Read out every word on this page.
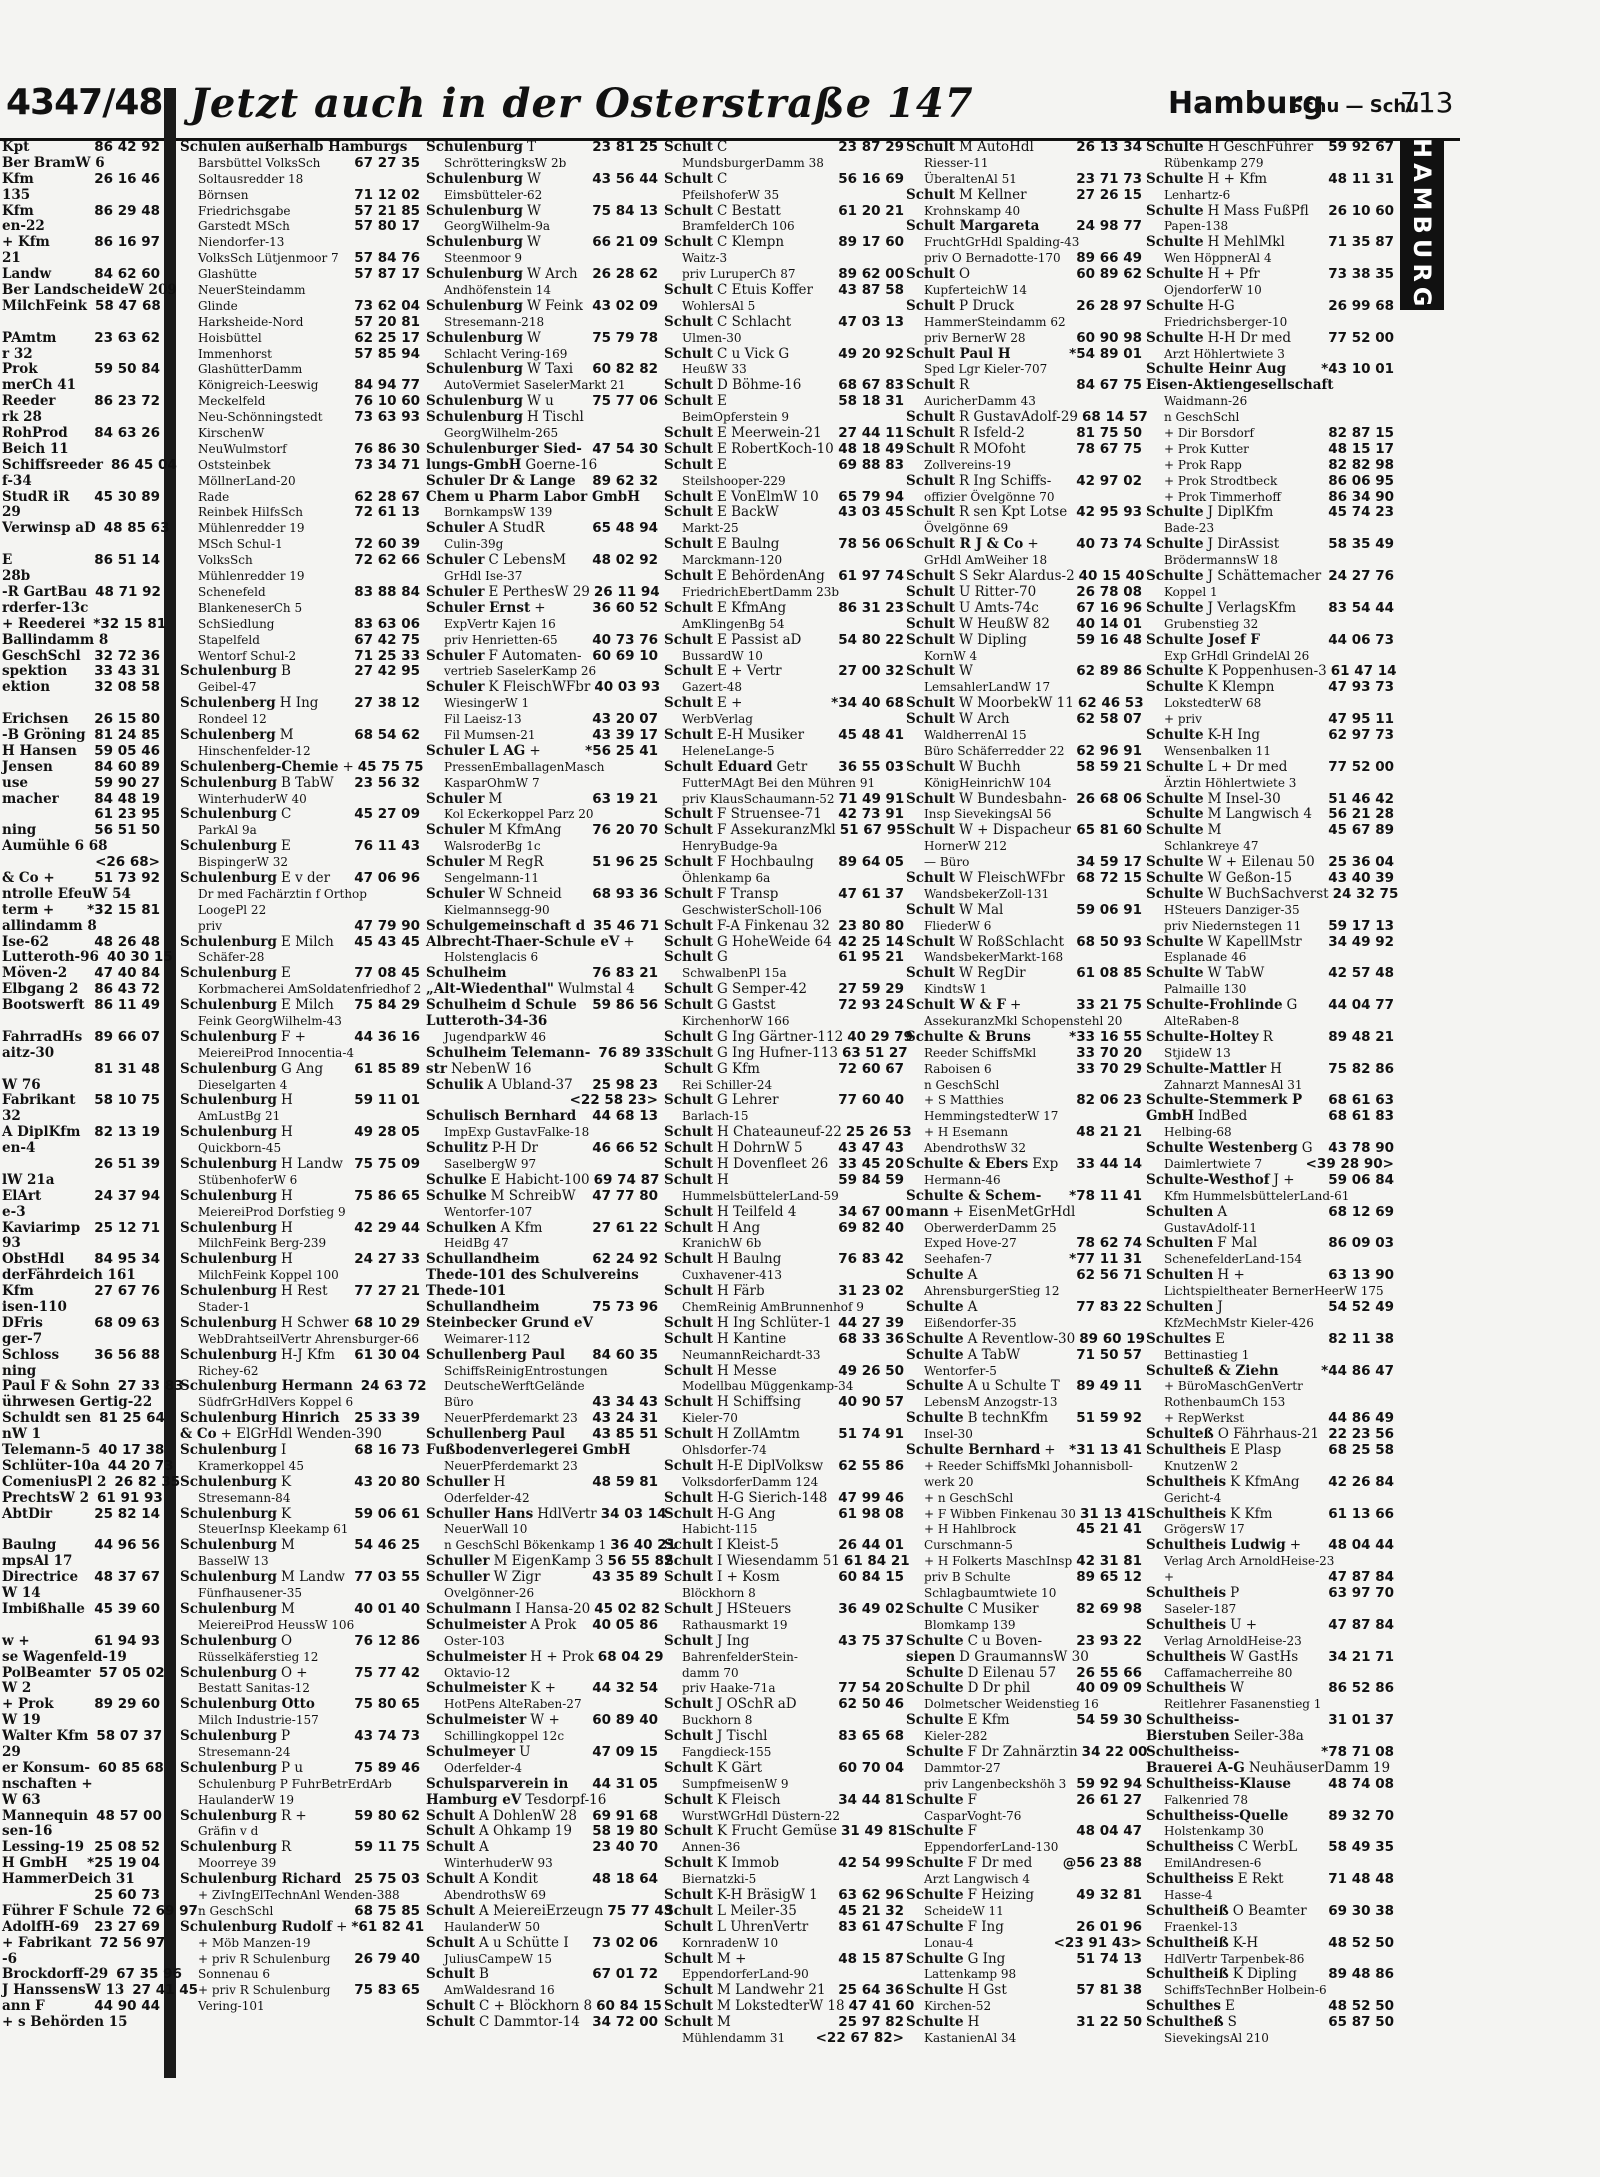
4347/48 Jetzt auch in der Osterstraße 147	Hamburg
Schu — Schu
713
HAMBURG
Kpt	86 42 92
Ber BramW 6
Kfm	26 16 46
135
Kfm	86 29 48
en-22
+ Kfm	86 16 97
21
Landw	84 62 60
Ber LandscheideW 209
MilchFeink 58 47 68
PAmtm	23 63 62
r 32
Prok	59 50 84
merCh 41
Reeder	86 23 72
rk 28
RohProd 84 63 26
Beich 11
Schiffsreeder 86 45 04
f-34
StudR iR 45 30 89
29
Verwinsp aD 48 85 63
E	86 51 14
28b
-R GartBau 48 71 92
rderfer-13c
+ Reederei *32 15 81
Ballindamm 8
GeschSchl 32 72 36
spektion 33 43 31
ektion	32 08 58
Erichsen 26 15 80
-B Gröning 81 24 85
H Hansen 59 05 46
Jensen	84 60 89
use	59 90 27
macher	84 48 19
61 23 95
ning	56 51 50
Aumühle 6 68
<26 68>
& Co +	51 73 92
ntrolle EfeuW 54
term + *32 15 81
allindamm 8
Ise-62	48 26 48
Lutteroth-96 40 30 15
Möven-2 47 40 84
Elbgang 2 86 43 72
Bootswerft 86 11 49
FahrradHs 89 66 07
aitz-30
81 31 48
W 76
Fabrikant 58 10 75
32
A DiplKfm 82 13 19
en-4
26 51 39
lW 21a
ElArt	24 37 94
e-3
Kaviarimp 25 12 71
93
ObstHdl 84 95 34
derFährdeich 161
Kfm	27 67 76
isen-110
DFris	68 09 63
ger-7
Schloss	36 56 88
ning
Paul F & Sohn 27 33 83
ührwesen Gertig-22
Schuldt sen 81 25 64
nW 1
Telemann-5 40 17 38
Schlüter-10a 44 20 73
ComeniusPl 2 26 82 35
PrechtsW 2 61 91 93
AbtDir	25 82 14
Baulng	44 96 56
mpsAl 17
Directrice 48 37 67
W 14
Imbißhalle 45 39 60
w +	61 94 93
se Wagenfeld-19
PolBeamter 57 05 02
W 2
+ Prok	89 29 60
W 19
Walter Kfm 58 07 37
29
er Konsum- 60 85 68
nschaften +
W 63
Mannequin 48 57 00
sen-16
Lessing-19 25 08 52
H GmbH *25 19 04
HammerDeich 31
25 60 73
Führer F Schule 72 69 97
AdolfH-69 23 27 69
+ Fabrikant 72 56 97
-6
Brockdorff-29 67 35 96
J HanssensW 13 27 41 45
ann F	44 90 44
+ s Behörden 15
Schulen außerhalb Hamburgs
Barsbüttel VolksSch	67 27 35
Soltausredder 18
Börnsen	71 12 02
Friedrichsgabe	57 21 85
Garstedt MSch	57 80 17
Niendorfer-13
VolksSch Lütjenmoor 7 57 84 76
Glashütte	57 87 17
NeuerSteindamm
Glinde	73 62 04
Harksheide-Nord	57 20 81
Hoisbüttel	62 25 17
Immenhorst	57 85 94
GlashütterDamm
Königreich-Leeswig	84 94 77
Meckelfeld	76 10 60
Neu-Schönningstedt 73 63 93
KirschenW
NeuWulmstorf	76 86 30
Oststeinbek	73 34 71
MöllnerLand-20
Rade	62 28 67
Reinbek HilfsSch	72 61 13
Mühlenredder 19
MSch Schul-1	72 60 39
VolksSch	72 62 66
Mühlenredder 19
Schenefeld	83 88 84
BlankeneserCh 5
SchSiedlung	83 63 06
Stapelfeld	67 42 75
Wentorf Schul-2	71 25 33
Schulenburg B	27 42 95
Geibel-47
Schulenberg H Ing	27 38 12
Rondeel 12
Schulenberg M	68 54 62
Hinschenfelder-12
Schulenberg-Chemie + 45 75 75
Schulenburg B TabW 23 56 32
WinterhuderW 40
Schulenburg C	45 27 09
ParkAl 9a
Schulenburg E	76 11 43
BispingerW 32
Schulenburg E v der 47 06 96
Dr med Fachärztin f Orthop
LoogePl 22
priv	47 79 90
Schulenburg E Milch 45 43 45
Schäfer-28
Schulenburg E	77 08 45
Korbmacherei AmSoldatenfriedhof 2
Schulenburg E Milch 75 84 29
Feink GeorgWilhelm-43
Schulenburg F +	44 36 16
MeiereiProd Innocentia-4
Schulenburg G Ang 61 85 89
Dieselgarten 4
Schulenburg H	59 11 01
AmLustBg 21
Schulenburg H	49 28 05
Quickborn-45
Schulenburg H Landw 75 75 09
StübenhoferW 6
Schulenburg H	75 86 65
MeiereiProd Dorfstieg 9
Schulenburg H	42 29 44
MilchFeink Berg-239
Schulenburg H	24 27 33
MilchFeink Koppel 100
Schulenburg H Rest 77 27 21
Stader-1
Schulenburg H Schwer 68 10 29
WebDrahtseilVertr Ahrensburger-66
Schulenburg H-J Kfm 61 30 04
Richey-62
Schulenburg Hermann 24 63 72
SüdfrGrHdlVers Koppel 6
Schulenburg Hinrich 25 33 39
& Co + ElGrHdl Wenden-390
Schulenburg I	68 16 73
Kramerkoppel 45
Schulenburg K	43 20 80
Stresemann-84
Schulenburg K	59 06 61
SteuerInsp Kleekamp 61
Schulenburg M	54 46 25
BasselW 13
Schulenburg M Landw 77 03 55
Fünfhausener-35
Schulenburg M	40 01 40
MeiereiProd HeussW 106
Schulenburg O	76 12 86
Rüsselkäferstieg 12
Schulenburg O +	75 77 42
Bestatt Sanitas-12
Schulenburg Otto	75 80 65
Milch Industrie-157
Schulenburg P	43 74 73
Stresemann-24
Schulenburg P u	75 89 46
Schulenburg P FuhrBetrErdArb
HaulanderW 19
Schulenburg R +	59 80 62
Gräfin v d
Schulenburg R	59 11 75
Moorreye 39
Schulenburg Richard 25 75 03
+ ZivIngElTechnAnl Wenden-388
n GeschSchl	68 75 85
Schulenburg Rudolf + *61 82 41
+ Möb Manzen-19
+ priv R Schulenburg 26 79 40
Sonnenau 6
+ priv R Schulenburg 75 83 65
Vering-101
Schulenburg T	23 81 25
SchrötteringksW 2b
Schulenburg W	43 56 44
Eimsbütteler-62
Schulenburg W	75 84 13
GeorgWilhelm-9a
Schulenburg W	66 21 09
Steenmoor 9
Schulenburg W Arch 26 28 62
Andhöfenstein 14
Schulenburg W Feink 43 02 09
Stresemann-218
Schulenburg W	75 79 78
Schlacht Vering-169
Schulenburg W Taxi 60 82 82
AutoVermiet SaselerMarkt 21
Schulenburg W u	75 77 06
Schulenburg H Tischl
GeorgWilhelm-265
Schulenburger Sied- 47 54 30
lungs-GmbH Goerne-16
Schuler Dr & Lange 89 62 32
Chem u Pharm Labor GmbH
BornkampsW 139
Schuler A StudR	65 48 94
Culin-39g
Schuler C LebensM 48 02 92
GrHdl Ise-37
Schuler E PerthesW 29 26 11 94
Schuler Ernst +	36 60 52
ExpVertr Kajen 16
priv Henrietten-65	40 73 76
Schuler F Automaten- 60 69 10
vertrieb SaselerKamp 26
Schuler K FleischWFbr 40 03 93
WiesingerW 1
Fil Laeisz-13	43 20 07
Fil Mumsen-21	43 39 17
Schuler L AG +	*56 25 41
PressenEmballagenMasch
KasparOhmW 7
Schuler M	63 19 21
Kol Eckerkoppel Parz 20
Schuler M KfmAng 76 20 70
WalsroderBg 1c
Schuler M RegR	51 96 25
Sengelmann-11
Schuler W Schneid 68 93 36
Kielmannsegg-90
Schulgemeinschaft d 35 46 71
Albrecht-Thaer-Schule eV +
Holstenglacis 6
Schulheim	76 83 21
„Alt-Wiedenthal" Wulmstal 4
Schulheim d Schule 59 86 56
Lutteroth-34-36
JugendparkW 46
Schulheim Telemann- 76 89 33
str NebenW 16
Schulik A Ubland-37 25 98 23
<22 58 23>
Schulisch Bernhard 44 68 13
ImpExp GustavFalke-18
Schulitz P-H Dr	46 66 52
SaselbergW 97
Schulke E Habicht-100 69 74 87
Schulke M SchreibW 47 77 80
Wentorfer-107
Schulken A Kfm	27 61 22
HeidBg 47
Schullandheim	62 24 92
Thede-101 des Schulvereins
Thede-101
Schullandheim	75 73 96
Steinbecker Grund eV
Weimarer-112
Schullenberg Paul 84 60 35
SchiffsReinigEntrostungen
DeutscheWerftGelände
Büro	43 34 43
NeuerPferdemarkt 23 43 24 31
Schullenberg Paul 43 85 51
Fußbodenverlegerei GmbH
NeuerPferdemarkt 23
Schuller H	48 59 81
Oderfelder-42
Schuller Hans HdlVertr 34 03 14
NeuerWall 10
n GeschSchl Bökenkamp 1 36 40 21
Schuller M EigenKamp 3 56 55 82
Schuller W Zigr	43 35 89
Ovelgönner-26
Schulmann I Hansa-20 45 02 82
Schulmeister A Prok 40 05 86
Oster-103
Schulmeister H + Prok 68 04 29
Oktavio-12
Schulmeister K +	44 32 54
HotPens AlteRaben-27
Schulmeister W + 60 89 40
Schillingkoppel 12c
Schulmeyer U	47 09 15
Oderfelder-4
Schulsparverein in 44 31 05
Hamburg eV Tesdorpf-16
Schult A DohlenW 28 69 91 68
Schult A Ohkamp 19 58 19 80
Schult A	23 40 70
WinterhuderW 93
Schult A Kondit	48 18 64
AbendrothsW 69
Schult A MeiereiErzeugn 75 77 43
HaulanderW 50
Schult A u Schütte I 73 02 06
JuliusCampeW 15
Schult B	67 01 72
AmWaldesrand 16
Schult C + Blöckhorn 8 60 84 15
Schult C Dammtor-14 34 72 00
Schult C	23 87 29
MundsburgerDamm 38
Schult C	56 16 69
PfeilshoferW 35
Schult C Bestatt	61 20 21
BramfelderCh 106
Schult C Klempn	89 17 60
Waitz-3
priv LuruperCh 87	89 62 00
Schult C Etuis Koffer 43 87 58
WohlersAl 5
Schult C Schlacht	47 03 13
Ulmen-30
Schult C u Vick G	49 20 92
HeußW 33
Schult D Böhme-16	68 67 83
Schult E	58 18 31
BeimOpferstein 9
Schult E Meerwein-21 27 44 11
Schult E RobertKoch-10 48 18 49
Schult E	69 88 83
Steilshooper-229
Schult E VonElmW 10 65 79 94
Schult E BackW	43 03 45
Markt-25
Schult E Baulng	78 56 06
Marckmann-120
Schult E BehördenAng 61 97 74
FriedrichEbertDamm 23b
Schult E KfmAng	86 31 23
AmKlingenBg 54
Schult E Passist aD	54 80 22
BussardW 10
Schult E + Vertr	27 00 32
Gazert-48
Schult E +	*34 40 68
WerbVerlag
Schult E-H Musiker	45 48 41
HeleneLange-5
Schult Eduard Getr 36 55 03
FutterMAgt Bei den Mühren 91
priv KlausSchaumann-52 71 49 91
Schult F Struensee-71 42 73 91
Schult F AssekuranzMkl 51 67 95
HenryBudge-9a
Schult F Hochbaulng 89 64 05
Öhlenkamp 6a
Schult F Transp	47 61 37
GeschwisterScholl-106
Schult F-A Finkenau 32 23 80 80
Schult G HoheWeide 64 42 25 14
Schult G	61 95 21
SchwalbenPl 15a
Schult G Semper-42 27 59 29
Schult G Gastst	72 93 24
KirchenhorW 166
Schult G Ing Gärtner-112 40 29 79
Schult G Ing Hufner-113 63 51 27
Schult G Kfm	72 60 67
Rei Schiller-24
Schult G Lehrer	77 60 40
Barlach-15
Schult H Chateauneuf-22 25 26 53
Schult H DohrnW 5	43 47 43
Schult H Dovenfleet 26 33 45 20
Schult H	59 84 59
HummelsbüttelerLand-59
Schult H Teilfeld 4	34 67 00
Schult H Ang	69 82 40
KranichW 6b
Schult H Baulng	76 83 42
Cuxhavener-413
Schult H Färb	31 23 02
ChemReinig AmBrunnenhof 9
Schult H Ing Schlüter-1 44 27 39
Schult H Kantine	68 33 36
NeumannReichardt-33
Schult H Messe	49 26 50
Modellbau Müggenkamp-34
Schult H Schiffsing	40 90 57
Kieler-70
Schult H ZollAmtm	51 74 91
Ohlsdorfer-74
Schult H-E DiplVolksw 62 55 86
VolksdorferDamm 124
Schult H-G Sierich-148 47 99 46
Schult H-G Ang	61 98 08
Habicht-115
Schult I Kleist-5	26 44 01
Schult I Wiesendamm 51 61 84 21
Schult I + Kosm	60 84 15
Blöckhorn 8
Schult J HSteuers	36 49 02
Rathausmarkt 19
Schult J Ing	43 75 37
BahrenfelderStein-
damm 70
priv Haake-71a	77 54 20
Schult J OSchR aD	62 50 46
Buckhorn 8
Schult J Tischl	83 65 68
Fangdieck-155
Schult K Gärt	60 70 04
SumpfmeisenW 9
Schult K Fleisch	34 44 81
WurstWGrHdl Düstern-22
Schult K Frucht Gemüse 31 49 81
Annen-36
Schult K Immob	42 54 99
Biernatzki-5
Schult K-H BräsigW 1 63 62 96
Schult L Meiler-35	45 21 32
Schult L UhrenVertr 83 61 47
KornradenW 10
Schult M +	48 15 87
EppendorferLand-90
Schult M Landwehr 21 25 64 36
Schult M LokstedterW 18 47 41 60
Schult M	25 97 82
Mühlendamm 31 <22 67 82>
Schult M AutoHdl	26 13 34
Riesser-11
ÜberaltenAl 51	23 71 73
Schult M Kellner	27 26 15
Krohnskamp 40
Schult Margareta	24 98 77
FruchtGrHdl Spalding-43
priv O Bernadotte-170 89 66 49
Schult O	60 89 62
KupferteichW 14
Schult P Druck	26 28 97
HammerSteindamm 62
priv BernerW 28	60 90 98
Schult Paul H	*54 89 01
Sped Lgr Kieler-707
Schult R	84 67 75
AuricherDamm 43
Schult R GustavAdolf-29 68 14 57
Schult R Isfeld-2	81 75 50
Schult R MOfoht	78 67 75
Zollvereins-19
Schult R Ing Schiffs- 42 97 02
offizier Övelgönne 70
Schult R sen Kpt Lotse 42 95 93
Övelgönne 69
Schult R J & Co +	40 73 74
GrHdl AmWeiher 18
Schult S Sekr Alardus-2 40 15 40
Schult U Ritter-70	26 78 08
Schult U Amts-74c	67 16 96
Schult W HeußW 82 40 14 01
Schult W Dipling	59 16 48
KornW 4
Schult W	62 89 86
LemsahlerLandW 17
Schult W MoorbekW 11 62 46 53
Schult W Arch	62 58 07
WaldherrenAl 15
Büro Schäferredder 22 62 96 91
Schult W Buchh	58 59 21
KönigHeinrichW 104
Schult W Bundesbahn- 26 68 06
Insp SievekingsAl 56
Schult W + Dispacheur 65 81 60
HornerW 212
— Büro	34 59 17
Schult W FleischWFbr 68 72 15
WandsbekerZoll-131
Schult W Mal	59 06 91
FliederW 6
Schult W RoßSchlacht 68 50 93
WandsbekerMarkt-168
Schult W RegDir	61 08 85
KindtsW 1
Schult W & F +	33 21 75
AssekuranzMkl Schopenstehl 20
Schulte & Bruns	*33 16 55
Reeder SchiffsMkl	33 70 20
Raboisen 6	33 70 29
n GeschSchl
+ S Matthies	82 06 23
HemmingstedterW 17
+ H Esemann	48 21 21
AbendrothsW 32
Schulte & Ebers Exp 33 44 14
Hermann-46
Schulte & Schem- *78 11 41
mann + EisenMetGrHdl
OberwerderDamm 25
Exped Hove-27	78 62 74
Seehafen-7	*77 11 31
Schulte A	62 56 71
AhrensburgerStieg 12
Schulte A	77 83 22
Eißendorfer-35
Schulte A Reventlow-30 89 60 19
Schulte A TabW	71 50 57
Wentorfer-5
Schulte A u Schulte T 89 49 11
LebensM Anzogstr-13
Schulte B technKfm 51 59 92
Insel-30
Schulte Bernhard + *31 13 41
+ Reeder SchiffsMkl Johannisboll-
werk 20
+ n GeschSchl
+ F Wibben Finkenau 30 31 13 41
+ H Hahlbrock	45 21 41
Curschmann-5
+ H Folkerts MaschInsp 42 31 81
priv B Schulte	89 65 12
Schlagbaumtwiete 10
Schulte C Musiker	82 69 98
Blomkamp 139
Schulte C u Boven-	23 93 22
siepen D GraumannsW 30
Schulte D Eilenau 57 26 55 66
Schulte D Dr phil	40 09 09
Dolmetscher Weidenstieg 16
Schulte E Kfm	54 59 30
Kieler-282
Schulte F Dr Zahnärztin 34 22 00
Dammtor-27
priv Langenbeckshöh 3 59 92 94
Schulte F	26 61 27
CasparVoght-76
Schulte F	48 04 47
EppendorferLand-130
Schulte F Dr med @56 23 88
Arzt Langwisch 4
Schulte F Heizing	49 32 81
ScheideW 11
Schulte F Ing	26 01 96
Lonau-4	<23 91 43>
Schulte G Ing	51 74 13
Lattenkamp 98
Schulte H Gst	57 81 38
Kirchen-52
Schulte H	31 22 50
KastanienAl 34
Schulte H GeschFührer 59 92 67
Rübenkamp 279
Schulte H + Kfm	48 11 31
Lenhartz-6
Schulte H Mass FußPfl 26 10 60
Papen-138
Schulte H MehlMkl	71 35 87
Wen HöppnerAl 4
Schulte H + Pfr	73 38 35
OjendorferW 10
Schulte H-G	26 99 68
Friedrichsberger-10
Schulte H-H Dr med	77 52 00
Arzt Höhlertwiete 3
Schulte Heinr Aug	*43 10 01
Eisen-Aktiengesellschaft
Waidmann-26
n GeschSchl
+ Dir Borsdorf	82 87 15
+ Prok Kutter	48 15 17
+ Prok Rapp	82 82 98
+ Prok Strodtbeck	86 06 95
+ Prok Timmerhoff	86 34 90
Schulte J DiplKfm	45 74 23
Bade-23
Schulte J DirAssist	58 35 49
BrödermannsW 18
Schulte J Schättemacher 24 27 76
Koppel 1
Schulte J VerlagsKfm 83 54 44
Grubenstieg 32
Schulte Josef F	44 06 73
Exp GrHdl GrindelAl 26
Schulte K Poppenhusen-3 61 47 14
Schulte K Klempn	47 93 73
LokstedterW 68
+ priv	47 95 11
Schulte K-H Ing	62 97 73
Wensenbalken 11
Schulte L + Dr med	77 52 00
Ärztin Höhlertwiete 3
Schulte M Insel-30	51 46 42
Schulte M Langwisch 4 56 21 28
Schulte M	45 67 89
Schlankreye 47
Schulte W + Eilenau 50 25 36 04
Schulte W Geßon-15	43 40 39
Schulte W BuchSachverst 24 32 75
HSteuers Danziger-35
priv Niedernstegen 11 59 17 13
Schulte W KapellMstr 34 49 92
Esplanade 46
Schulte W TabW	42 57 48
Palmaille 130
Schulte-Frohlinde G 44 04 77
AlteRaben-8
Schulte-Holtey R	89 48 21
StjideW 13
Schulte-Mattler H	75 82 86
Zahnarzt MannesAl 31
Schulte-Stemmerk P 68 61 63
GmbH IndBed	68 61 83
Helbing-68
Schulte Westenberg G 43 78 90
Daimlertwiete 7	<39 28 90>
Schulte-Westhof J + 59 06 84
Kfm HummelsbüttelerLand-61
Schulten A	68 12 69
GustavAdolf-11
Schulten F Mal	86 09 03
SchenefelderLand-154
Schulten H +	63 13 90
Lichtspieltheater BernerHeerW 175
Schulten J	54 52 49
KfzMechMstr Kieler-426
Schultes E	82 11 38
Bettinastieg 1
Schulteß & Ziehn	*44 86 47
+ BüroMaschGenVertr
RothenbaumCh 153
+ RepWerkst	44 86 49
Schulteß O Fährhaus-21 22 23 56
Schultheis E Plasp	68 25 58
KnutzenW 2
Schultheis K KfmAng 42 26 84
Gericht-4
Schultheis K Kfm	61 13 66
GrögersW 17
Schultheis Ludwig + 48 04 44
Verlag Arch ArnoldHeise-23
+	47 87 84
Schultheis P	63 97 70
Saseler-187
Schultheis U +	47 87 84
Verlag ArnoldHeise-23
Schultheis W GastHs 34 21 71
Caffamacherreihe 80
Schultheis W	86 52 86
Reitlehrer Fasanenstieg 1
Schultheiss-	31 01 37
Bierstuben Seiler-38a
Schultheiss-	*78 71 08
Brauerei A-G NeuhäuserDamm 19
Schultheiss-Klause	48 74 08
Falkenried 78
Schultheiss-Quelle	89 32 70
Holstenkamp 30
Schultheiss C WerbL 58 49 35
EmilAndresen-6
Schultheiss E Rekt	71 48 48
Hasse-4
Schultheiß O Beamter 69 30 38
Fraenkel-13
Schultheiß K-H	48 52 50
HdlVertr Tarpenbek-86
Schultheiß K Dipling 89 48 86
SchiffsTechnBer Holbein-6
Schulthes E	48 52 50
Schultheß S	65 87 50
SievekingsAl 210
